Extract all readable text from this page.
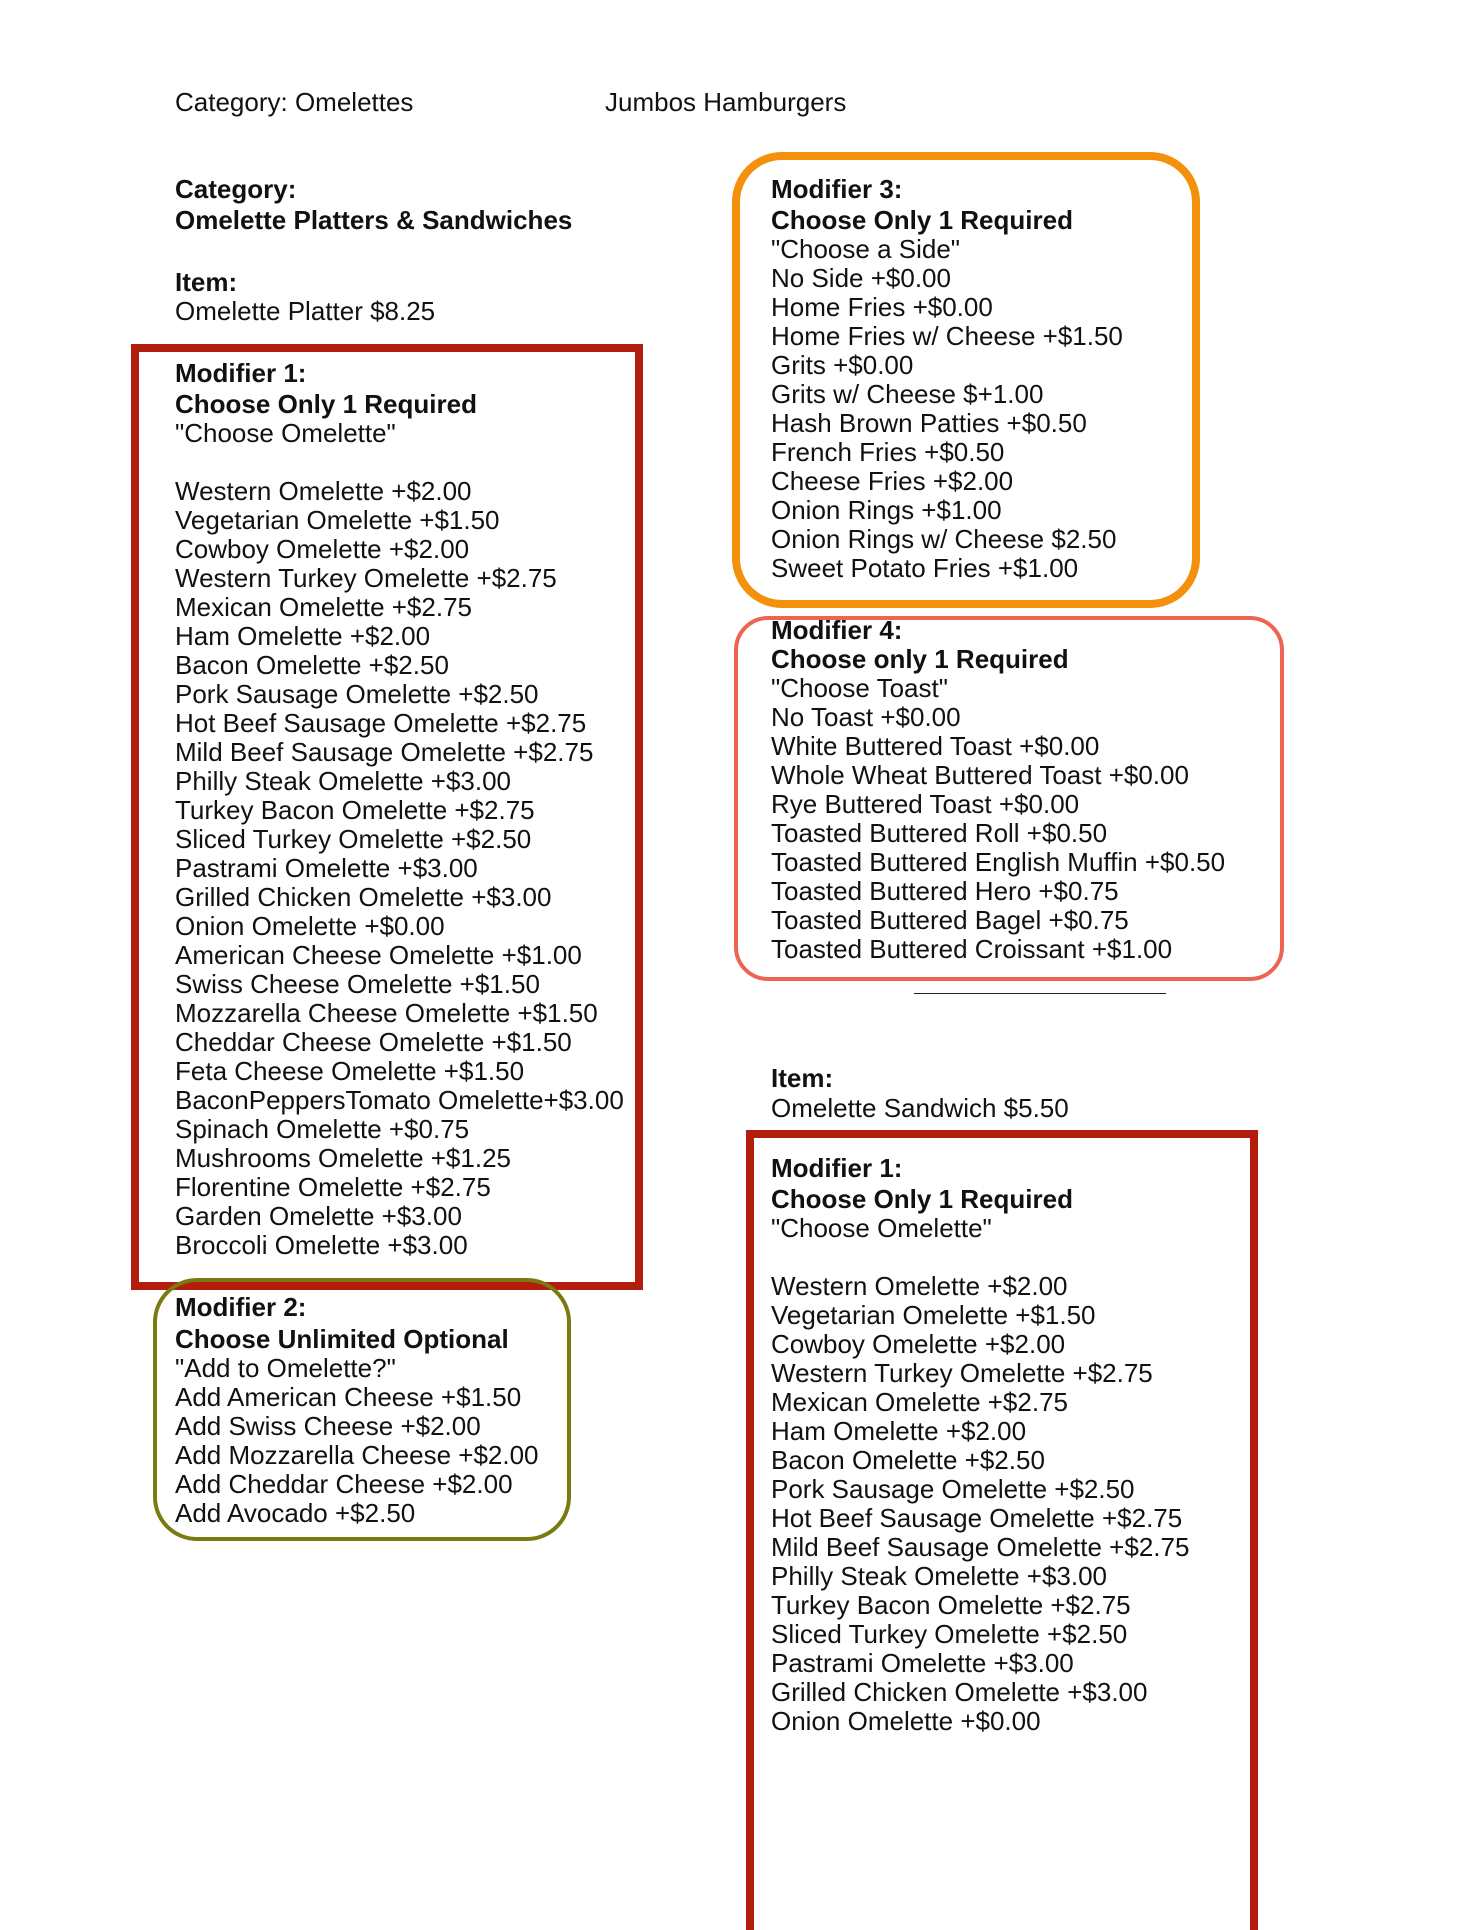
Category: Omelettes	Jumbos Hamburgers
Category:
Omelette Platters & Sandwiches
Item:
Omelette Platter $8.25
Modifier 1:
Choose Only 1 Required
"Choose Omelette"
Western Omelette +$2.00
Vegetarian Omelette +$1.50
Cowboy Omelette +$2.00
Western Turkey Omelette +$2.75
Mexican Omelette +$2.75
Ham Omelette +$2.00
Bacon Omelette +$2.50
Pork Sausage Omelette +$2.50
Hot Beef Sausage Omelette +$2.75
Mild Beef Sausage Omelette +$2.75
Philly Steak Omelette +$3.00
Turkey Bacon Omelette +$2.75
Sliced Turkey Omelette +$2.50
Pastrami Omelette +$3.00
Grilled Chicken Omelette +$3.00
Onion Omelette +$0.00
American Cheese Omelette +$1.00
Swiss Cheese Omelette +$1.50
Mozzarella Cheese Omelette +$1.50
Cheddar Cheese Omelette +$1.50
Feta Cheese Omelette +$1.50
BaconPeppersTomato Omelette+$3.00
Spinach Omelette +$0.75
Mushrooms Omelette +$1.25
Florentine Omelette +$2.75
Garden Omelette +$3.00
Broccoli Omelette +$3.00
Modifier 2:
Choose Unlimited Optional
"Add to Omelette?"
Add American Cheese +$1.50
Add Swiss Cheese +$2.00
Add Mozzarella Cheese +$2.00
Add Cheddar Cheese +$2.00
Add Avocado +$2.50
Modifier 3:
Choose Only 1 Required
"Choose a Side"
No Side +$0.00
Home Fries +$0.00
Home Fries w/ Cheese +$1.50
Grits +$0.00
Grits w/ Cheese $+1.00
Hash Brown Patties +$0.50
French Fries +$0.50
Cheese Fries +$2.00
Onion Rings +$1.00
Onion Rings w/ Cheese $2.50
Sweet Potato Fries +$1.00
Modifier 4:
Choose only 1 Required
"Choose Toast"
No Toast +$0.00
White Buttered Toast +$0.00
Whole Wheat Buttered Toast +$0.00
Rye Buttered Toast +$0.00
Toasted Buttered Roll +$0.50
Toasted Buttered English Muffin +$0.50
Toasted Buttered Hero +$0.75
Toasted Buttered Bagel +$0.75
Toasted Buttered Croissant +$1.00
Item:
Omelette Sandwich $5.50
Modifier 1:
Choose Only 1 Required
"Choose Omelette"
Western Omelette +$2.00
Vegetarian Omelette +$1.50
Cowboy Omelette +$2.00
Western Turkey Omelette +$2.75
Mexican Omelette +$2.75
Ham Omelette +$2.00
Bacon Omelette +$2.50
Pork Sausage Omelette +$2.50
Hot Beef Sausage Omelette +$2.75
Mild Beef Sausage Omelette +$2.75
Philly Steak Omelette +$3.00
Turkey Bacon Omelette +$2.75
Sliced Turkey Omelette +$2.50
Pastrami Omelette +$3.00
Grilled Chicken Omelette +$3.00
Onion Omelette +$0.00
